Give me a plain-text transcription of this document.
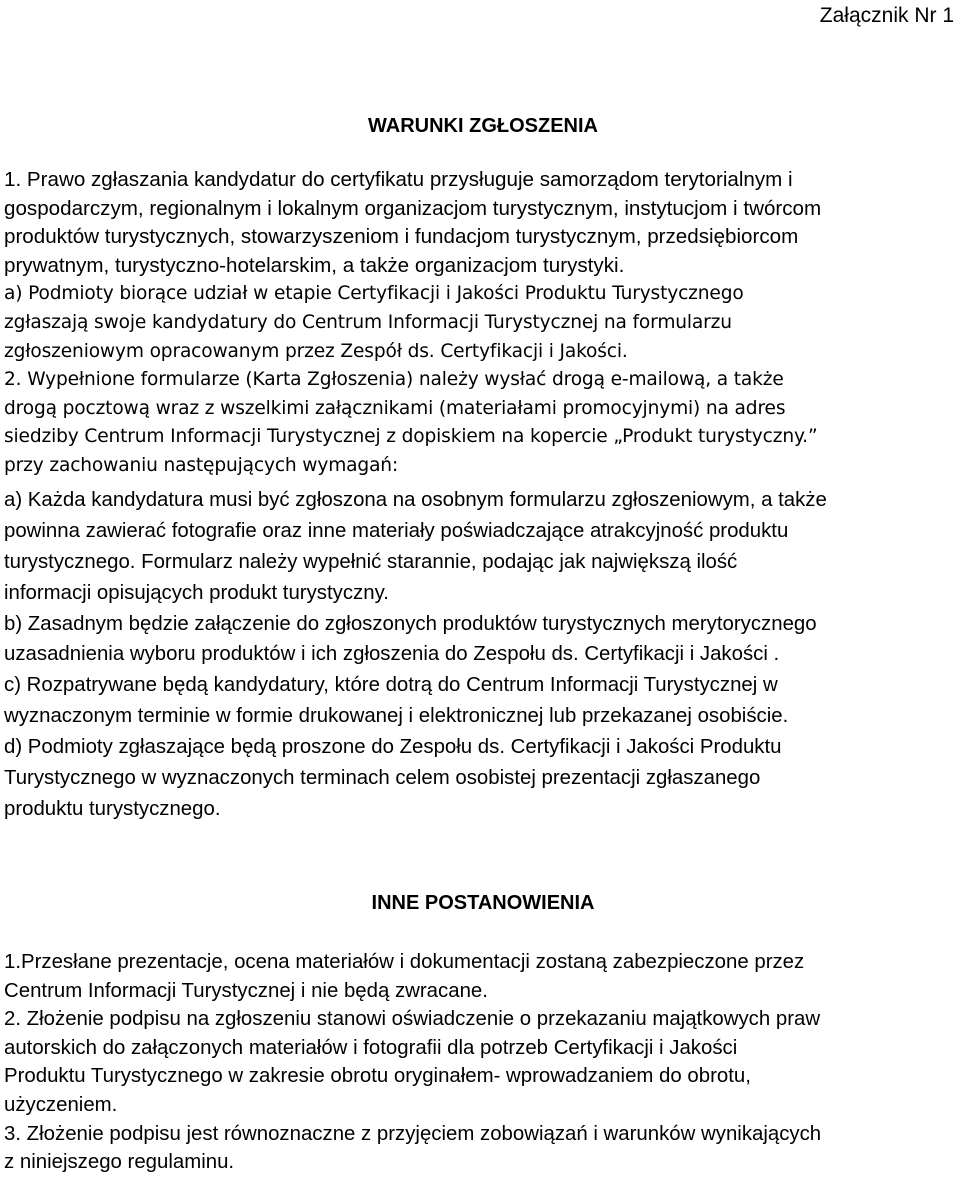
Załącznik Nr 1
WARUNKI ZGŁOSZENIA
1. Prawo zgłaszania kandydatur do certyfikatu przysługuje samorządom terytorialnym i
gospodarczym, regionalnym i lokalnym organizacjom turystycznym, instytucjom i twórcom
produktów turystycznych, stowarzyszeniom i fundacjom turystycznym, przedsiębiorcom
prywatnym, turystyczno-hotelarskim, a także organizacjom turystyki.
a) Podmioty biorące udział w etapie Certyfikacji i Jakości Produktu Turystycznego
zgłaszają swoje kandydatury do Centrum Informacji Turystycznej na formularzu
zgłoszeniowym opracowanym przez Zespół ds. Certyfikacji i Jakości.
2. Wypełnione formularze (Karta Zgłoszenia) należy wysłać drogą e-mailową, a także
drogą pocztową wraz z wszelkimi załącznikami (materiałami promocyjnymi) na adres
siedziby Centrum Informacji Turystycznej z dopiskiem na kopercie „Produkt turystyczny.”
przy zachowaniu następujących wymagań:
a) Każda kandydatura musi być zgłoszona na osobnym formularzu zgłoszeniowym, a także
powinna zawierać fotografie oraz inne materiały poświadczające atrakcyjność produktu
turystycznego. Formularz należy wypełnić starannie, podając jak największą ilość
informacji opisujących produkt turystyczny.
b) Zasadnym będzie załączenie do zgłoszonych produktów turystycznych merytorycznego
uzasadnienia wyboru produktów i ich zgłoszenia do Zespołu ds. Certyfikacji i Jakości .
c) Rozpatrywane będą kandydatury, które dotrą do Centrum Informacji Turystycznej w
wyznaczonym terminie w formie drukowanej i elektronicznej lub przekazanej osobiście.
d) Podmioty zgłaszające będą proszone do Zespołu ds. Certyfikacji i Jakości Produktu
Turystycznego w wyznaczonych terminach celem osobistej prezentacji zgłaszanego
produktu turystycznego.
INNE POSTANOWIENIA
1.Przesłane prezentacje, ocena materiałów i dokumentacji zostaną zabezpieczone przez
Centrum Informacji Turystycznej i nie będą zwracane.
2. Złożenie podpisu na zgłoszeniu stanowi oświadczenie o przekazaniu majątkowych praw
autorskich do załączonych materiałów i fotografii dla potrzeb Certyfikacji i Jakości
Produktu Turystycznego w zakresie obrotu oryginałem- wprowadzaniem do obrotu,
użyczeniem.
3. Złożenie podpisu jest równoznaczne z przyjęciem zobowiązań i warunków wynikających
z niniejszego regulaminu.
